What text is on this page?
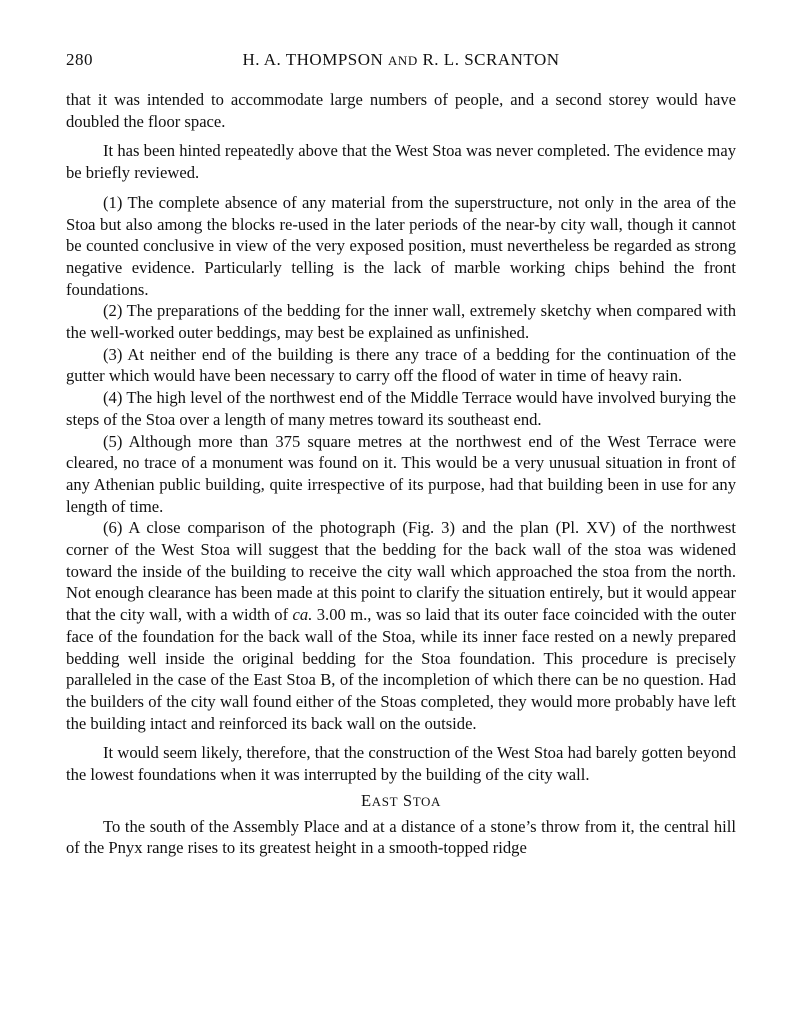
280	H. A. THOMPSON AND R. L. SCRANTON

that it was intended to accommodate large numbers of people, and a second storey would have doubled the floor space.

It has been hinted repeatedly above that the West Stoa was never completed. The evidence may be briefly reviewed.

(1) The complete absence of any material from the superstructure, not only in the area of the Stoa but also among the blocks re-used in the later periods of the near-by city wall, though it cannot be counted conclusive in view of the very exposed position, must nevertheless be regarded as strong negative evidence. Particularly telling is the lack of marble working chips behind the front foundations.

(2) The preparations of the bedding for the inner wall, extremely sketchy when compared with the well-worked outer beddings, may best be explained as unfinished.

(3) At neither end of the building is there any trace of a bedding for the continuation of the gutter which would have been necessary to carry off the flood of water in time of heavy rain.

(4) The high level of the northwest end of the Middle Terrace would have involved burying the steps of the Stoa over a length of many metres toward its southeast end.

(5) Although more than 375 square metres at the northwest end of the West Terrace were cleared, no trace of a monument was found on it. This would be a very unusual situation in front of any Athenian public building, quite irrespective of its purpose, had that building been in use for any length of time.

(6) A close comparison of the photograph (Fig. 3) and the plan (Pl. XV) of the northwest corner of the West Stoa will suggest that the bedding for the back wall of the stoa was widened toward the inside of the building to receive the city wall which approached the stoa from the north. Not enough clearance has been made at this point to clarify the situation entirely, but it would appear that the city wall, with a width of ca. 3.00 m., was so laid that its outer face coincided with the outer face of the foundation for the back wall of the Stoa, while its inner face rested on a newly prepared bedding well inside the original bedding for the Stoa foundation. This procedure is precisely paralleled in the case of the East Stoa B, of the incompletion of which there can be no question. Had the builders of the city wall found either of the Stoas completed, they would more probably have left the building intact and reinforced its back wall on the outside.

It would seem likely, therefore, that the construction of the West Stoa had barely gotten beyond the lowest foundations when it was interrupted by the building of the city wall.

EAST STOA

To the south of the Assembly Place and at a distance of a stone’s throw from it, the central hill of the Pnyx range rises to its greatest height in a smooth-topped ridge
